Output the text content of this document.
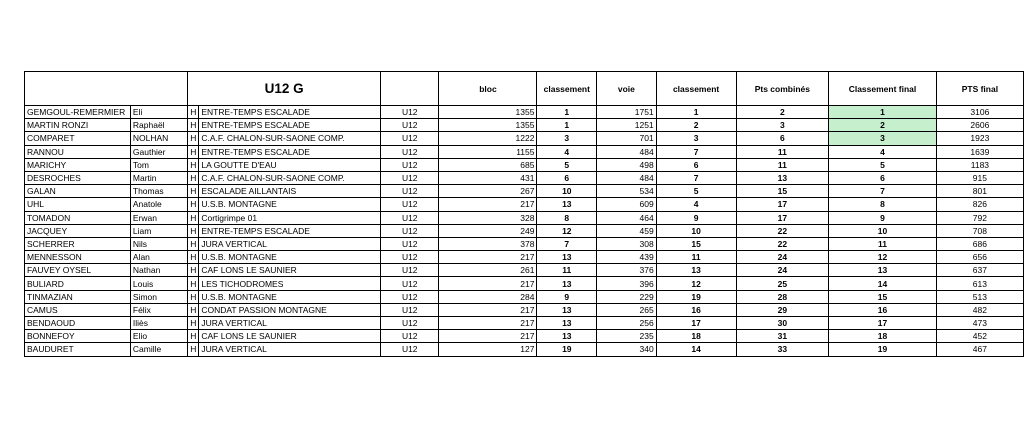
		U12 G			bloc	classement	voie	classement	Pts combinés	Classement final	PTS final
GEMGOUL-REMERMIER	Eli	H	ENTRE-TEMPS ESCALADE	U12	1355	1	1751	1	2	1	3106
MARTIN RONZI	Raphaël	H	ENTRE-TEMPS ESCALADE	U12	1355	1	1251	2	3	2	2606
COMPARET	NOLHAN	H	C.A.F. CHALON-SUR-SAONE COMP.	U12	1222	3	701	3	6	3	1923
RANNOU	Gauthier	H	ENTRE-TEMPS ESCALADE	U12	1155	4	484	7	11	4	1639
MARICHY	Tom	H	LA GOUTTE D'EAU	U12	685	5	498	6	11	5	1183
DESROCHES	Martin	H	C.A.F. CHALON-SUR-SAONE COMP.	U12	431	6	484	7	13	6	915
GALAN	Thomas	H	ESCALADE AILLANTAIS	U12	267	10	534	5	15	7	801
UHL	Anatole	H	U.S.B. MONTAGNE	U12	217	13	609	4	17	8	826
TOMADON	Erwan	H	Cortigrimpe 01	U12	328	8	464	9	17	9	792
JACQUEY	Liam	H	ENTRE-TEMPS ESCALADE	U12	249	12	459	10	22	10	708
SCHERRER	Nils	H	JURA VERTICAL	U12	378	7	308	15	22	11	686
MENNESSON	Alan	H	U.S.B. MONTAGNE	U12	217	13	439	11	24	12	656
FAUVEY OYSEL	Nathan	H	CAF LONS LE SAUNIER	U12	261	11	376	13	24	13	637
BULIARD	Louis	H	LES TICHODROMES	U12	217	13	396	12	25	14	613
TINMAZIAN	Simon	H	U.S.B. MONTAGNE	U12	284	9	229	19	28	15	513
CAMUS	Félix	H	CONDAT PASSION MONTAGNE	U12	217	13	265	16	29	16	482
BENDAOUD	Iliès	H	JURA VERTICAL	U12	217	13	256	17	30	17	473
BONNEFOY	Elio	H	CAF LONS LE SAUNIER	U12	217	13	235	18	31	18	452
BAUDURET	Camille	H	JURA VERTICAL	U12	127	19	340	14	33	19	467
